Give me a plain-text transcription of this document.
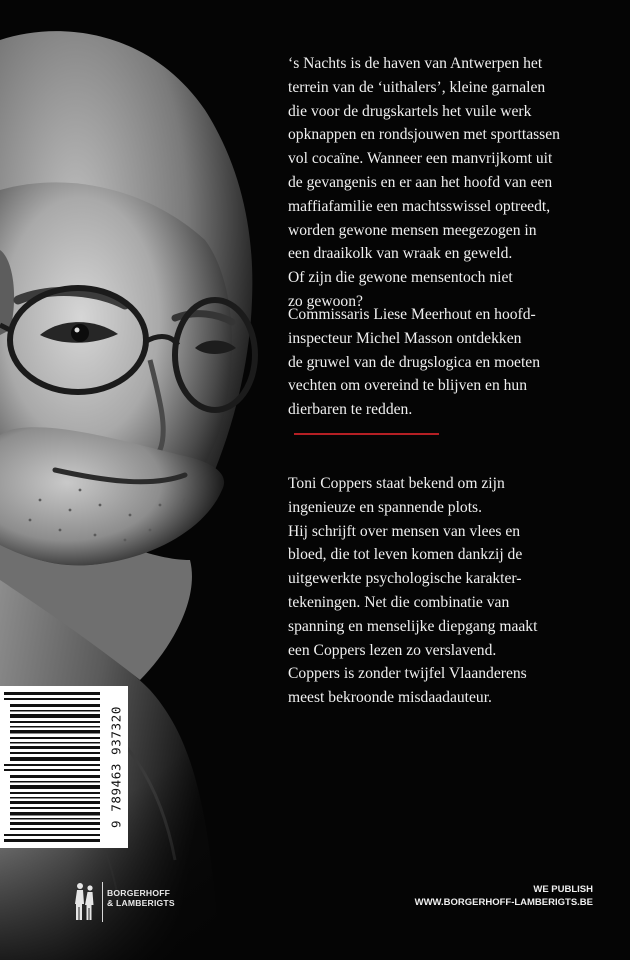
‘s Nachts is de haven van Antwerpen het
terrein van de ‘uithalers’, kleine garnalen
die voor de drugskartels het vuile werk
opknappen en rondsjouwen met sporttassen
vol cocaïne. Wanneer een manvrijkomt uit
de gevangenis en er aan het hoofd van een
maffiafamilie een machtsswissel optreedt,
worden gewone mensen meegezogen in
een draaikolk van wraak en geweld.
Of zijn die gewone mensentoch niet
zo gewoon?
Commissaris Liese Meerhout en hoofd-
inspecteur Michel Masson ontdekken
de gruwel van de drugslogica en moeten
vechten om overeind te blijven en hun
dierbaren te redden.
Toni Coppers staat bekend om zijn
ingenieuze en spannende plots.
Hij schrijft over mensen van vlees en
bloed, die tot leven komen dankzij de
uitgewerkte psychologische karakter-
tekeningen. Net die combinatie van
spanning en menselijke diepgang maakt
een Coppers lezen zo verslavend.
Coppers is zonder twijfel Vlaanderens
meest bekroonde misdaadauteur.
9 789463 937320
BORGERHOFF
& LAMBERIGTS
WE PUBLISH
WWW.BORGERHOFF-LAMBERIGTS.BE
